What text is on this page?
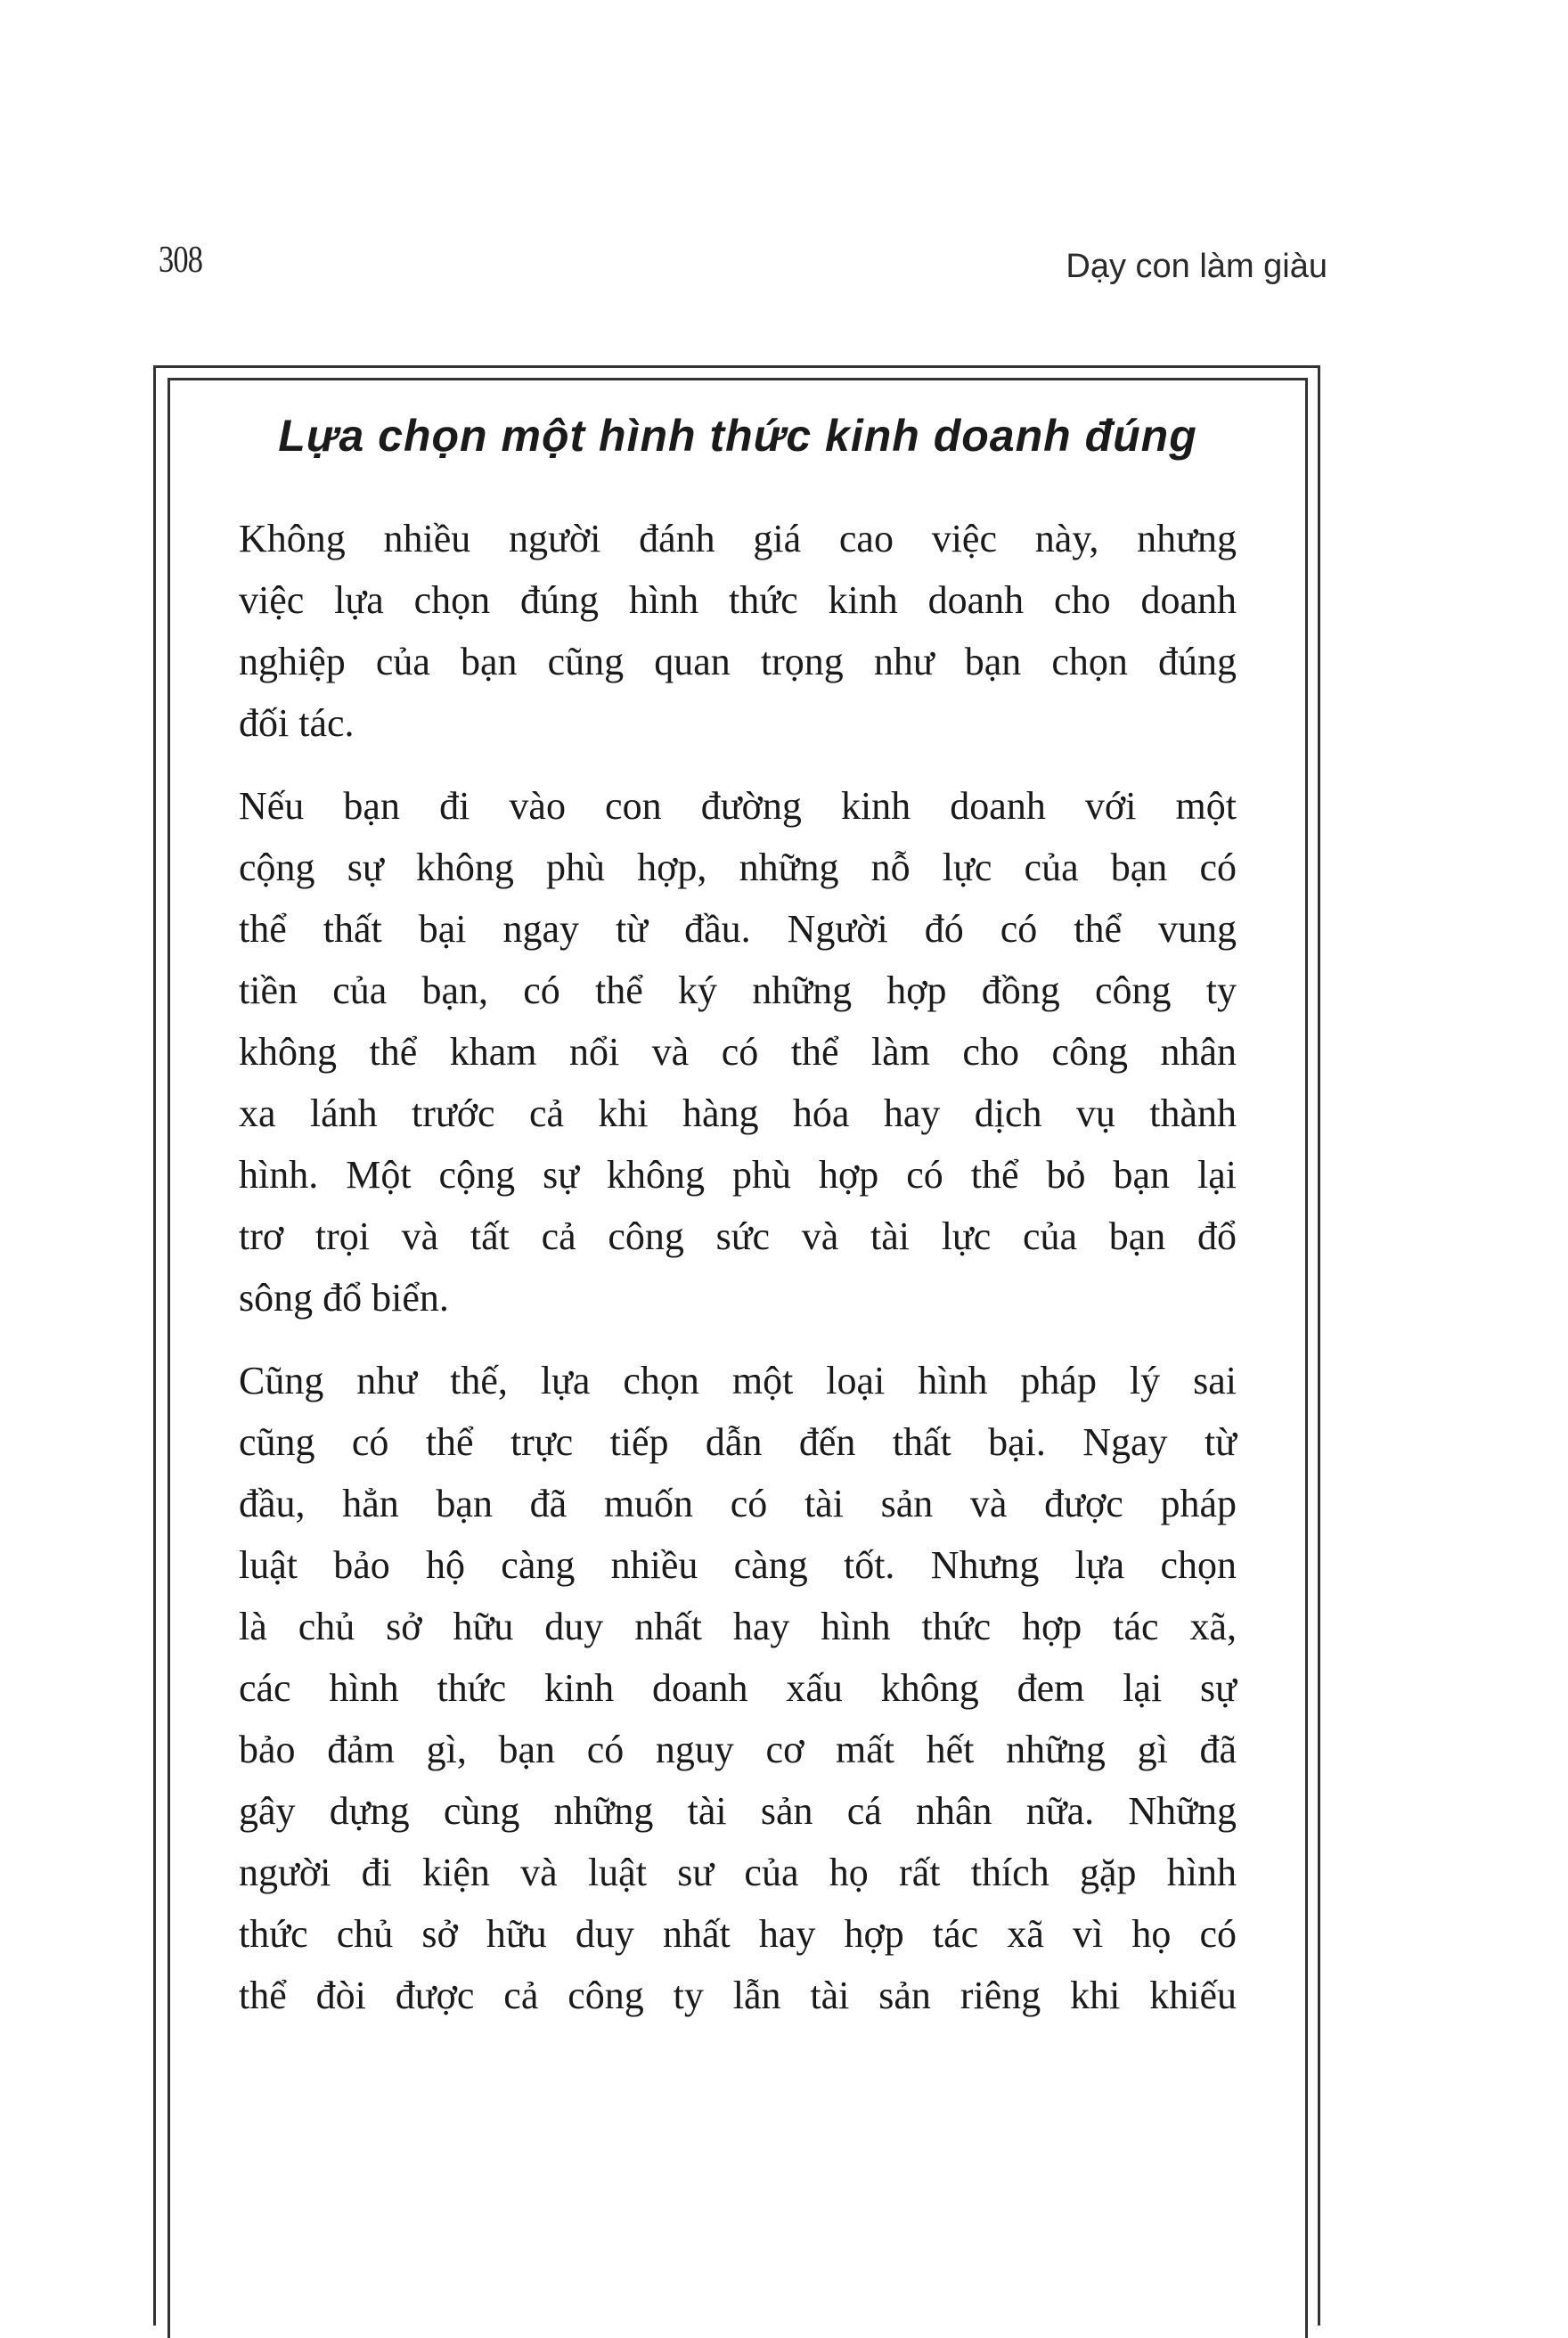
308	Dạy con làm giàu
Lựa chọn một hình thức kinh doanh đúng
Không nhiều người đánh giá cao việc này, nhưng
việc lựa chọn đúng hình thức kinh doanh cho doanh
nghiệp của bạn cũng quan trọng như bạn chọn đúng
đối tác.
Nếu bạn đi vào con đường kinh doanh với một
cộng sự không phù hợp, những nỗ lực của bạn có
thể thất bại ngay từ đầu. Người đó có thể vung
tiền của bạn, có thể ký những hợp đồng công ty
không thể kham nổi và có thể làm cho công nhân
xa lánh trước cả khi hàng hóa hay dịch vụ thành
hình. Một cộng sự không phù hợp có thể bỏ bạn lại
trơ trọi và tất cả công sức và tài lực của bạn đổ
sông đổ biển.
Cũng như thế, lựa chọn một loại hình pháp lý sai
cũng có thể trực tiếp dẫn đến thất bại. Ngay từ
đầu, hẳn bạn đã muốn có tài sản và được pháp
luật bảo hộ càng nhiều càng tốt. Nhưng lựa chọn
là chủ sở hữu duy nhất hay hình thức hợp tác xã,
các hình thức kinh doanh xấu không đem lại sự
bảo đảm gì, bạn có nguy cơ mất hết những gì đã
gây dựng cùng những tài sản cá nhân nữa. Những
người đi kiện và luật sư của họ rất thích gặp hình
thức chủ sở hữu duy nhất hay hợp tác xã vì họ có
thể đòi được cả công ty lẫn tài sản riêng khi khiếu
